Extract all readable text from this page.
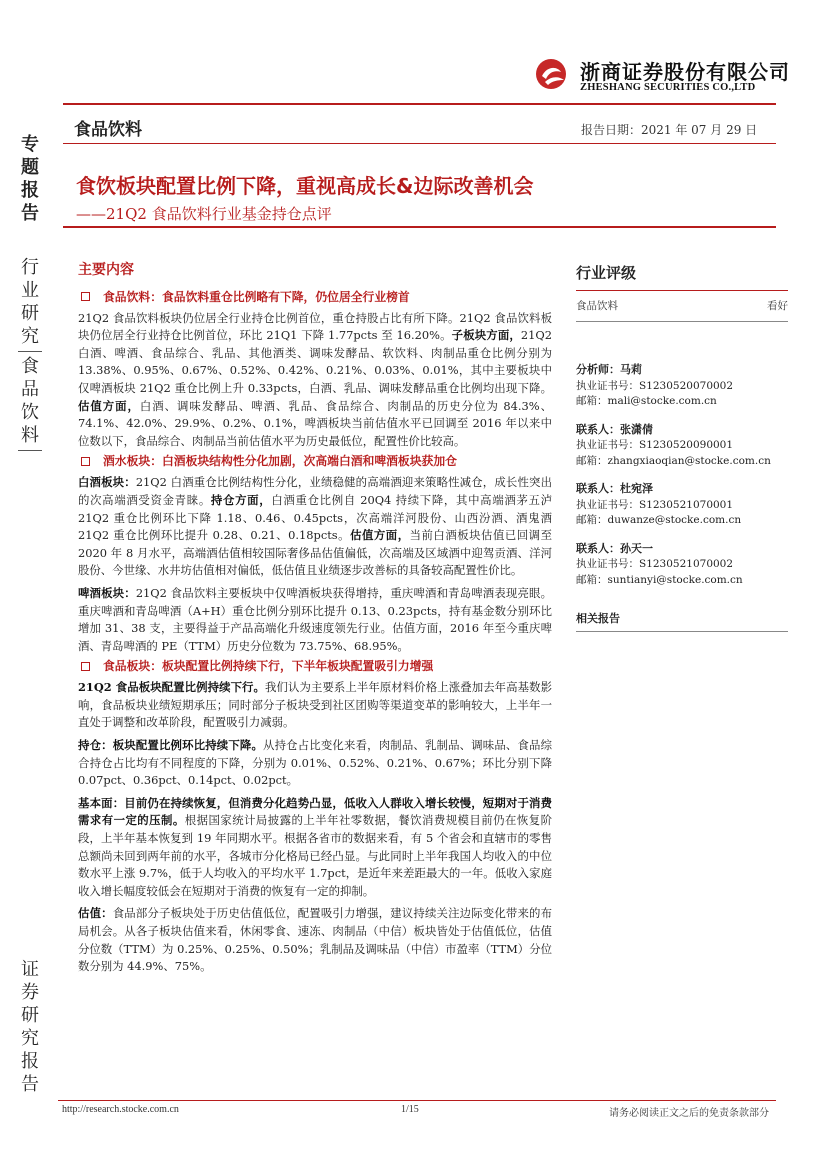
浙商证券股份有限公司
ZHESHANG SECURITIES CO.,LTD
食品饮料	报告日期：2021 年 07 月 29 日
专
题
报
告
食饮板块配置比例下降，重视高成长&边际改善机会
——21Q2 食品饮料行业基金持仓点评
行
业
研
究
食
品
饮
料
证
券
研
究
报
告
主要内容
食品饮料：食品饮料重仓比例略有下降，仍位居全行业榜首

21Q2 食品饮料板块仍位居全行业持仓比例首位，重仓持股占比有所下降。21Q2 食品饮料板块仍位居全行业持仓比例首位，环比 21Q1 下降 1.77pcts 至 16.20%。子板块方面，21Q2 白酒、啤酒、食品综合、乳品、其他酒类、调味发酵品、软饮料、肉制品重仓比例分别为 13.38%、0.95%、0.67%、0.52%、0.42%、0.21%、0.03%、0.01%，其中主要板块中仅啤酒板块 21Q2 重仓比例上升 0.33pcts，白酒、乳品、调味发酵品重仓比例均出现下降。估值方面，白酒、调味发酵品、啤酒、乳品、食品综合、肉制品的历史分位为 84.3%、74.1%、42.0%、29.9%、0.2%、0.1%，啤酒板块当前估值水平已回调至 2016 年以来中位数以下，食品综合、肉制品当前估值水平为历史最低位，配置性价比较高。

酒水板块：白酒板块结构性分化加剧，次高端白酒和啤酒板块获加仓

白酒板块：21Q2 白酒重仓比例结构性分化，业绩稳健的高端酒迎来策略性减仓，成长性突出的次高端酒受资金青睐。持仓方面，白酒重仓比例自 20Q4 持续下降，其中高端酒茅五泸 21Q2 重仓比例环比下降 1.18、0.46、0.45pcts，次高端洋河股份、山西汾酒、酒鬼酒 21Q2 重仓比例环比提升 0.28、0.21、0.18pcts。估值方面，当前白酒板块估值已回调至 2020 年 8 月水平，高端酒估值相较国际奢侈品估值偏低，次高端及区域酒中迎驾贡酒、洋河股份、今世缘、水井坊估值相对偏低，低估值且业绩逐步改善标的具备较高配置性价比。

啤酒板块：21Q2 食品饮料主要板块中仅啤酒板块获得增持，重庆啤酒和青岛啤酒表现亮眼。重庆啤酒和青岛啤酒（A+H）重仓比例分别环比提升 0.13、0.23pcts，持有基金数分别环比增加 31、38 支，主要得益于产品高端化升级速度领先行业。估值方面，2016 年至今重庆啤酒、青岛啤酒的 PE（TTM）历史分位数为 73.75%、68.95%。

食品板块：板块配置比例持续下行，下半年板块配置吸引力增强

21Q2 食品板块配置比例持续下行。我们认为主要系上半年原材料价格上涨叠加去年高基数影响，食品板块业绩短期承压；同时部分子板块受到社区团购等渠道变革的影响较大，上半年一直处于调整和改革阶段，配置吸引力减弱。

持仓：板块配置比例环比持续下降。从持仓占比变化来看，肉制品、乳制品、调味品、食品综合持仓占比均有不同程度的下降，分别为 0.01%、0.52%、0.21%、0.67%；环比分别下降 0.07pct、0.36pct、0.14pct、0.02pct。

基本面：目前仍在持续恢复，但消费分化趋势凸显，低收入人群收入增长较慢，短期对于消费需求有一定的压制。根据国家统计局披露的上半年社零数据，餐饮消费规模目前仍在恢复阶段，上半年基本恢复到 19 年同期水平。根据各省市的数据来看，有 5 个省会和直辖市的零售总额尚未回到两年前的水平，各城市分化格局已经凸显。与此同时上半年我国人均收入的中位数水平上涨 9.7%，低于人均收入的平均水平 1.7pct，是近年来差距最大的一年。低收入家庭收入增长幅度较低会在短期对于消费的恢复有一定的抑制。

估值：食品部分子板块处于历史估值低位，配置吸引力增强，建议持续关注边际变化带来的布局机会。从各子板块估值来看，休闲零食、速冻、肉制品（中信）板块皆处于估值低位，估值分位数（TTM）为 0.25%、0.25%、0.50%；乳制品及调味品（中信）市盈率（TTM）分位数分别为 44.9%、75%。

行业评级
食品饮料	看好
分析师：马莉
执业证书号：S1230520070002
邮箱：mali@stocke.com.cn
联系人：张潇倩
执业证书号：S1230520090001
邮箱：zhangxiaoqian@stocke.com.cn
联系人：杜宛泽
执业证书号：S1230521070001
邮箱：duwanze@stocke.com.cn
联系人：孙天一
执业证书号：S1230521070002
邮箱：suntianyi@stocke.com.cn
相关报告
http://research.stocke.com.cn	1/15	请务必阅读正文之后的免责条款部分
